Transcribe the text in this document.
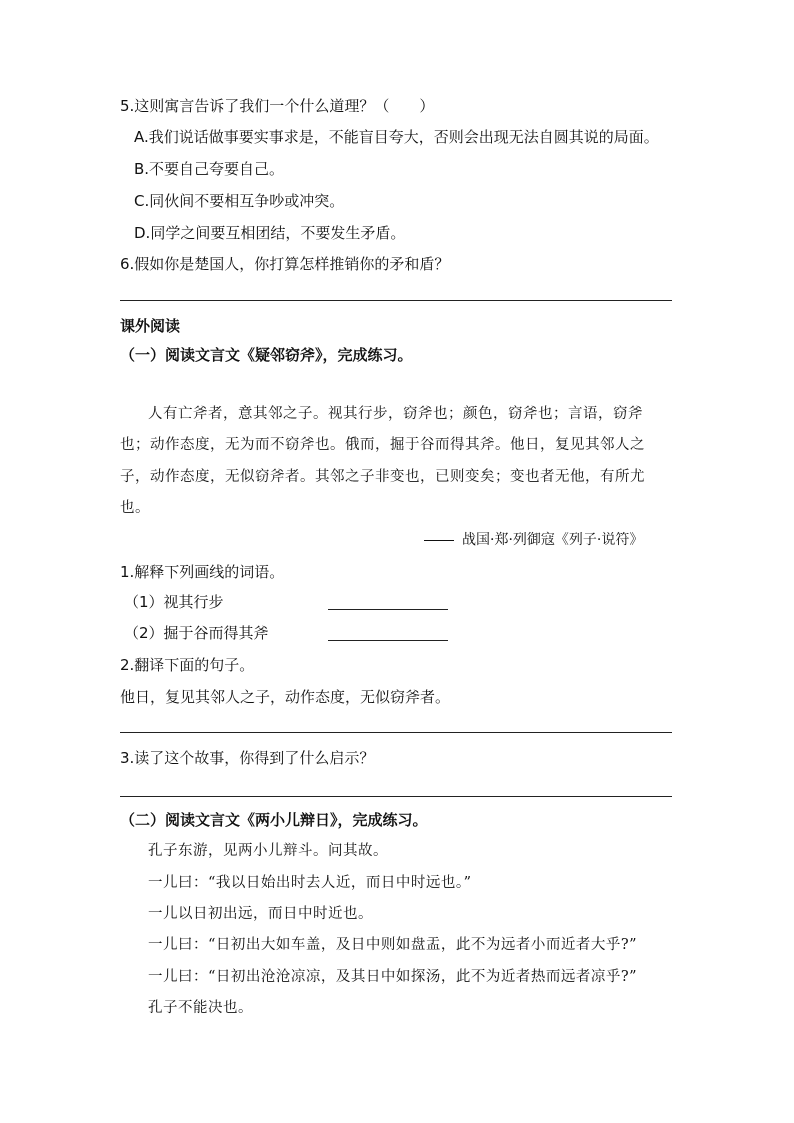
5.这则寓言告诉了我们一个什么道理？（　　）
A.我们说话做事要实事求是，不能盲目夸大，否则会出现无法自圆其说的局面。
B.不要自己夸要自己。
C.同伙间不要相互争吵或冲突。
D.同学之间要互相团结，不要发生矛盾。
6.假如你是楚国人，你打算怎样推销你的矛和盾？
课外阅读
（一）阅读文言文《疑邻窃斧》，完成练习。
人有亡斧者，意其邻之子。视其行步，窃斧也；颜色，窃斧也；言语，窃斧
也；动作态度，无为而不窃斧也。俄而，掘于谷而得其斧。他日，复见其邻人之
子，动作态度，无似窃斧者。其邻之子非变也，已则变矣；变也者无他，有所尤
也。
战国·郑·列御寇《列子·说符》
1.解释下列画线的词语。
（1）视其行步
（2）掘于谷而得其斧
2.翻译下面的句子。
他日，复见其邻人之子，动作态度，无似窃斧者。
3.读了这个故事，你得到了什么启示？
（二）阅读文言文《两小儿辩日》，完成练习。
孔子东游，见两小儿辩斗。问其故。
一儿曰：“我以日始出时去人近，而日中时远也。”
一儿以日初出远，而日中时近也。
一儿曰：“日初出大如车盖，及日中则如盘盂，此不为远者小而近者大乎?”
一儿曰：“日初出沧沧凉凉，及其日中如探汤，此不为近者热而远者凉乎?”
孔子不能决也。
